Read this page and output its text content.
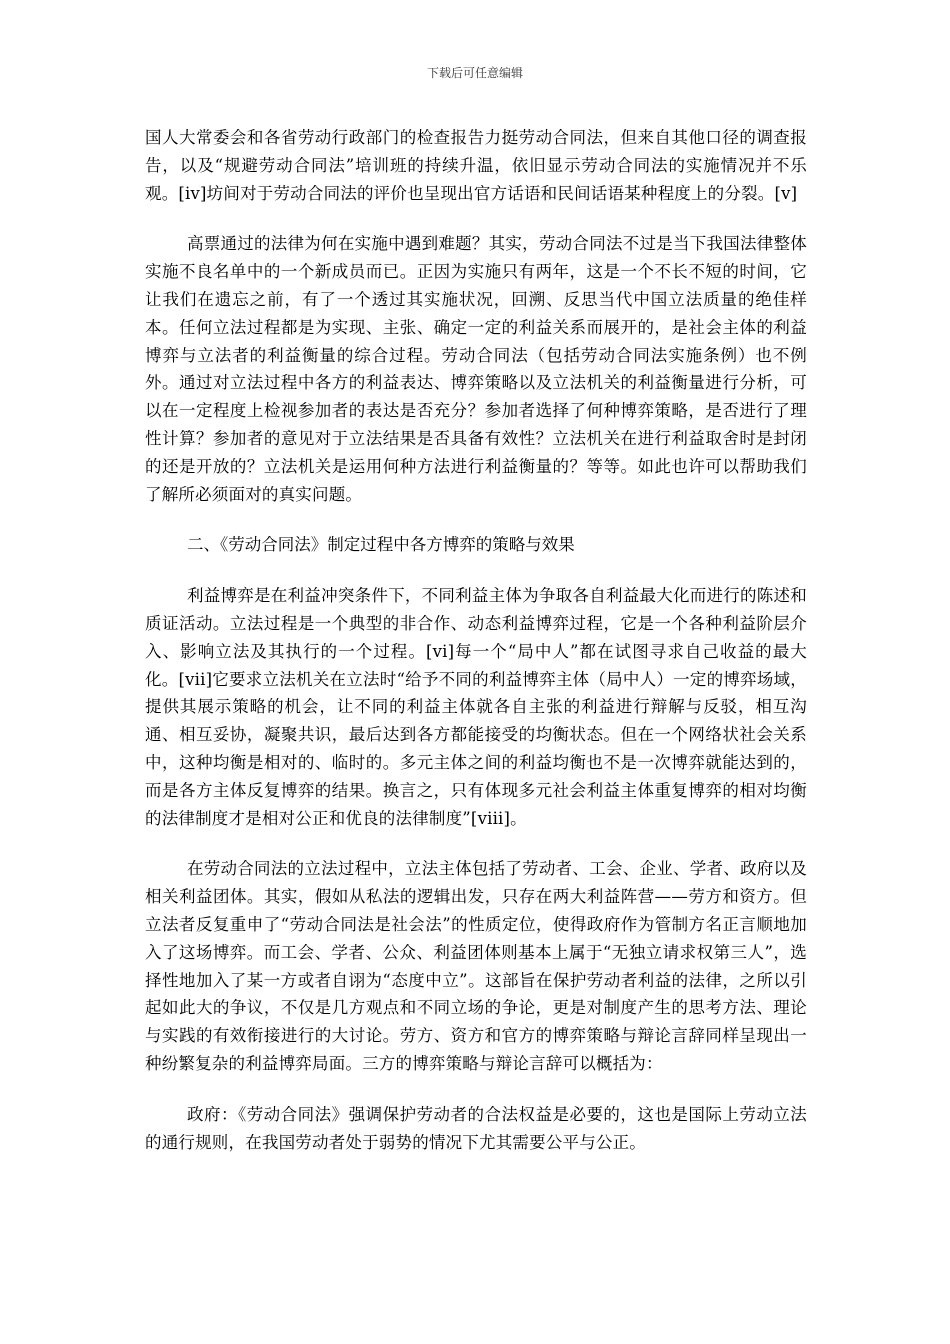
下载后可任意编辑

国人大常委会和各省劳动行政部门的检查报告力挺劳动合同法，但来自其他口径的调查报告，以及“规避劳动合同法”培训班的持续升温，依旧显示劳动合同法的实施情况并不乐观。[iv]坊间对于劳动合同法的评价也呈现出官方话语和民间话语某种程度上的分裂。[v]

高票通过的法律为何在实施中遇到难题？其实，劳动合同法不过是当下我国法律整体实施不良名单中的一个新成员而已。正因为实施只有两年，这是一个不长不短的时间，它让我们在遗忘之前，有了一个透过其实施状况，回溯、反思当代中国立法质量的绝佳样本。任何立法过程都是为实现、主张、确定一定的利益关系而展开的，是社会主体的利益博弈与立法者的利益衡量的综合过程。劳动合同法（包括劳动合同法实施条例）也不例外。通过对立法过程中各方的利益表达、博弈策略以及立法机关的利益衡量进行分析，可以在一定程度上检视参加者的表达是否充分？参加者选择了何种博弈策略，是否进行了理性计算？参加者的意见对于立法结果是否具备有效性？立法机关在进行利益取舍时是封闭的还是开放的？立法机关是运用何种方法进行利益衡量的？等等。如此也许可以帮助我们了解所必须面对的真实问题。

二、《劳动合同法》制定过程中各方博弈的策略与效果

利益博弈是在利益冲突条件下，不同利益主体为争取各自利益最大化而进行的陈述和质证活动。立法过程是一个典型的非合作、动态利益博弈过程，它是一个各种利益阶层介入、影响立法及其执行的一个过程。[vi]每一个“局中人”都在试图寻求自己收益的最大化。[vii]它要求立法机关在立法时“给予不同的利益博弈主体（局中人）一定的博弈场域，提供其展示策略的机会，让不同的利益主体就各自主张的利益进行辩解与反驳，相互沟通、相互妥协，凝聚共识，最后达到各方都能接受的均衡状态。但在一个网络状社会关系中，这种均衡是相对的、临时的。多元主体之间的利益均衡也不是一次博弈就能达到的，而是各方主体反复博弈的结果。换言之，只有体现多元社会利益主体重复博弈的相对均衡的法律制度才是相对公正和优良的法律制度”[viii]。

在劳动合同法的立法过程中，立法主体包括了劳动者、工会、企业、学者、政府以及相关利益团体。其实，假如从私法的逻辑出发，只存在两大利益阵营——劳方和资方。但立法者反复重申了“劳动合同法是社会法”的性质定位，使得政府作为管制方名正言顺地加入了这场博弈。而工会、学者、公众、利益团体则基本上属于“无独立请求权第三人”，选择性地加入了某一方或者自诩为“态度中立”。这部旨在保护劳动者利益的法律，之所以引起如此大的争议，不仅是几方观点和不同立场的争论，更是对制度产生的思考方法、理论与实践的有效衔接进行的大讨论。劳方、资方和官方的博弈策略与辩论言辞同样呈现出一种纷繁复杂的利益博弈局面。三方的博弈策略与辩论言辞可以概括为：

政府：《劳动合同法》强调保护劳动者的合法权益是必要的，这也是国际上劳动立法的通行规则，在我国劳动者处于弱势的情况下尤其需要公平与公正。
